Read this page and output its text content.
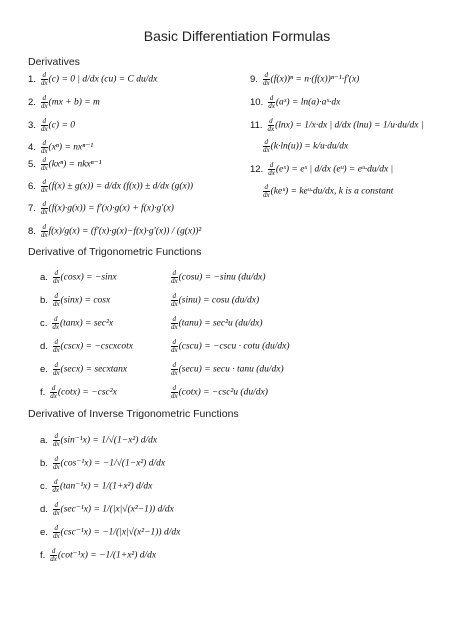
Basic Differentiation Formulas
Derivatives
1. $\frac{d}{dx} (c) = 0$ | d/dx (cu) = C du/dx
2. $\frac{d}{dx} (mx + b) = m$
3. $\frac{d}{dx} (c) = 0$
4. $\frac{d}{dx} (x^n) = nx^{n-1}$
5. $\frac{d}{dx} (kx^n) = nkx^{n-1}$
6. $\frac{d}{dx} (f(x) \pm g(x)) = d/dx$ (f(x)) ± d/dx (g(x))
7. $\frac{d}{dx} (f(x)\cdot g(x)) = f'(x)\cdot g(x) + f(x)\cdot g'(x)$
8. $\frac{d}{dx} f(x)/g(x) = (f'(x)\cdot g(x)-f(x)\cdot g'(x)) / (g(x))^2$
9. $\frac{d}{dx} (f(x))^n = n\cdot(f(x))^{n-1}\cdot f'(x)$
10. $\frac{d}{dx}$ (aˣ) = ln(a)·aˣ·dx
11. $\frac{d}{dx} (\ln x) = 1/x\cdot dx$ | d/dx (lnu) = 1/u·du/dx |
$\frac{d}{dx} (k\cdot\ln(u)) = k/u\cdot du/dx$
12. $\frac{d}{dx}$ (eˣ) = eˣ | d/dx (eᵘ) = eᵘ·du/dx |
$\frac{d}{dx}$ (keᵘ) = keᵘ·du/dx, k is a constant
Derivative of Trigonometric Functions
a. $\frac{d}{dx} (\cos x) = -\sin x$	$\frac{d}{dx} (\cos u) = -\sin u$ (du/dx)
b. $\frac{d}{dx} (\sin x) = \cos x$	$\frac{d}{dx} (\sin u) = \cos u$ (du/dx)
c. $\frac{d}{dx} (\tan x) = \sec^2x$	$\frac{d}{dx} (\tan u) = \sec^2u$ (du/dx)
d. $\frac{d}{dx} (\csc x)$ = −cscxcotx	$\frac{d}{dx} (\csc u) = -\csc u \cdot \cot u$ (du/dx)
e. $\frac{d}{dx} (\sec x)$ = secxtanx	$\frac{d}{dx} (\sec u) = \sec u \cdot \tan u$ (du/dx)
f. $\frac{d}{dx} (\cot x) = -\csc^2x$	$\frac{d}{dx} (\cot x) = -\csc^2u$ (du/dx)
Derivative of Inverse Trigonometric Functions
a. $\frac{d}{dx} (\sin^{-1}x) = 1/√(1-x^2)$ d/dx
b. $\frac{d}{dx} (\cos^{-1}x) = -1/√(1-x^2)$ d/dx
c. $\frac{d}{dx} (\tan^{-1}x) = 1/(1+x^2)$ d/dx
d. $\frac{d}{dx} (\sec^{-1}x) = 1/(|x|√(x^2-1))$ d/dx
e. $\frac{d}{dx} (\csc^{-1}x) = -1/(|x|√(x^2-1))$ d/dx
f. $\frac{d}{dx} (\cot^{-1}x) = -1/(1+x^2)$ d/dx
